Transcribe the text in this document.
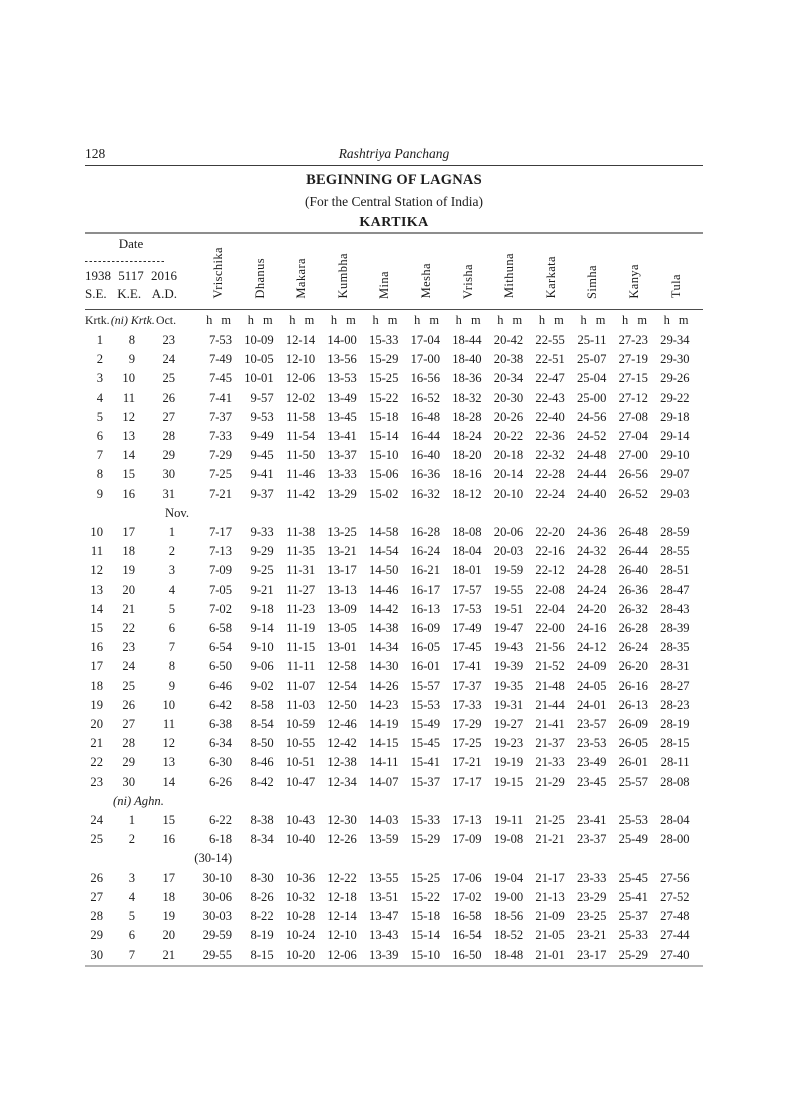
128	Rashtriya Panchang
BEGINNING OF LAGNAS
(For the Central Station of India)
KARTIKA
Date
1938 5117 2016
S.E. K.E. A.D.	Vrischika	Dhanus	Makara	Kumbha	Mina	Mesha	Vrisha	Mithuna	Karkata	Simha	Kanya	Tula	

Krtk. (ni) Krtk. Oct.			h m	h m	h m	h m	h m	h m	h m	h m	h m	h m	h m	h m	
1	8	23	7-53	10-09	12-14	14-00	15-33	17-04	18-44	20-42	22-55	25-11	27-23	29-34	
2	9	24	7-49	10-05	12-10	13-56	15-29	17-00	18-40	20-38	22-51	25-07	27-19	29-30	
3	10	25	7-45	10-01	12-06	13-53	15-25	16-56	18-36	20-34	22-47	25-04	27-15	29-26	
4	11	26	7-41	9-57	12-02	13-49	15-22	16-52	18-32	20-30	22-43	25-00	27-12	29-22	
5	12	27	7-37	9-53	11-58	13-45	15-18	16-48	18-28	20-26	22-40	24-56	27-08	29-18	
6	13	28	7-33	9-49	11-54	13-41	15-14	16-44	18-24	20-22	22-36	24-52	27-04	29-14	
7	14	29	7-29	9-45	11-50	13-37	15-10	16-40	18-20	20-18	22-32	24-48	27-00	29-10	
8	15	30	7-25	9-41	11-46	13-33	15-06	16-36	18-16	20-14	22-28	24-44	26-56	29-07	
9	16	31	7-21	9-37	11-42	13-29	15-02	16-32	18-12	20-10	22-24	24-40	26-52	29-03	
		Nov.													
10	17	1	7-17	9-33	11-38	13-25	14-58	16-28	18-08	20-06	22-20	24-36	26-48	28-59	
11	18	2	7-13	9-29	11-35	13-21	14-54	16-24	18-04	20-03	22-16	24-32	26-44	28-55	
12	19	3	7-09	9-25	11-31	13-17	14-50	16-21	18-01	19-59	22-12	24-28	26-40	28-51	
13	20	4	7-05	9-21	11-27	13-13	14-46	16-17	17-57	19-55	22-08	24-24	26-36	28-47	
14	21	5	7-02	9-18	11-23	13-09	14-42	16-13	17-53	19-51	22-04	24-20	26-32	28-43	
15	22	6	6-58	9-14	11-19	13-05	14-38	16-09	17-49	19-47	22-00	24-16	26-28	28-39	
16	23	7	6-54	9-10	11-15	13-01	14-34	16-05	17-45	19-43	21-56	24-12	26-24	28-35	
17	24	8	6-50	9-06	11-11	12-58	14-30	16-01	17-41	19-39	21-52	24-09	26-20	28-31	
18	25	9	6-46	9-02	11-07	12-54	14-26	15-57	17-37	19-35	21-48	24-05	26-16	28-27	
19	26	10	6-42	8-58	11-03	12-50	14-23	15-53	17-33	19-31	21-44	24-01	26-13	28-23	
20	27	11	6-38	8-54	10-59	12-46	14-19	15-49	17-29	19-27	21-41	23-57	26-09	28-19	
21	28	12	6-34	8-50	10-55	12-42	14-15	15-45	17-25	19-23	21-37	23-53	26-05	28-15	
22	29	13	6-30	8-46	10-51	12-38	14-11	15-41	17-21	19-19	21-33	23-49	26-01	28-11	
23	30	14	6-26	8-42	10-47	12-34	14-07	15-37	17-17	19-15	21-29	23-45	25-57	28-08	
	(ni) Aghn.														
24	1	15	6-22	8-38	10-43	12-30	14-03	15-33	17-13	19-11	21-25	23-41	25-53	28-04	
25	2	16	6-18	8-34	10-40	12-26	13-59	15-29	17-09	19-08	21-21	23-37	25-49	28-00	
			(30-14)												
26	3	17	30-10	8-30	10-36	12-22	13-55	15-25	17-06	19-04	21-17	23-33	25-45	27-56	
27	4	18	30-06	8-26	10-32	12-18	13-51	15-22	17-02	19-00	21-13	23-29	25-41	27-52	
28	5	19	30-03	8-22	10-28	12-14	13-47	15-18	16-58	18-56	21-09	23-25	25-37	27-48	
29	6	20	29-59	8-19	10-24	12-10	13-43	15-14	16-54	18-52	21-05	23-21	25-33	27-44	
30	7	21	29-55	8-15	10-20	12-06	13-39	15-10	16-50	18-48	21-01	23-17	25-29	27-40	
